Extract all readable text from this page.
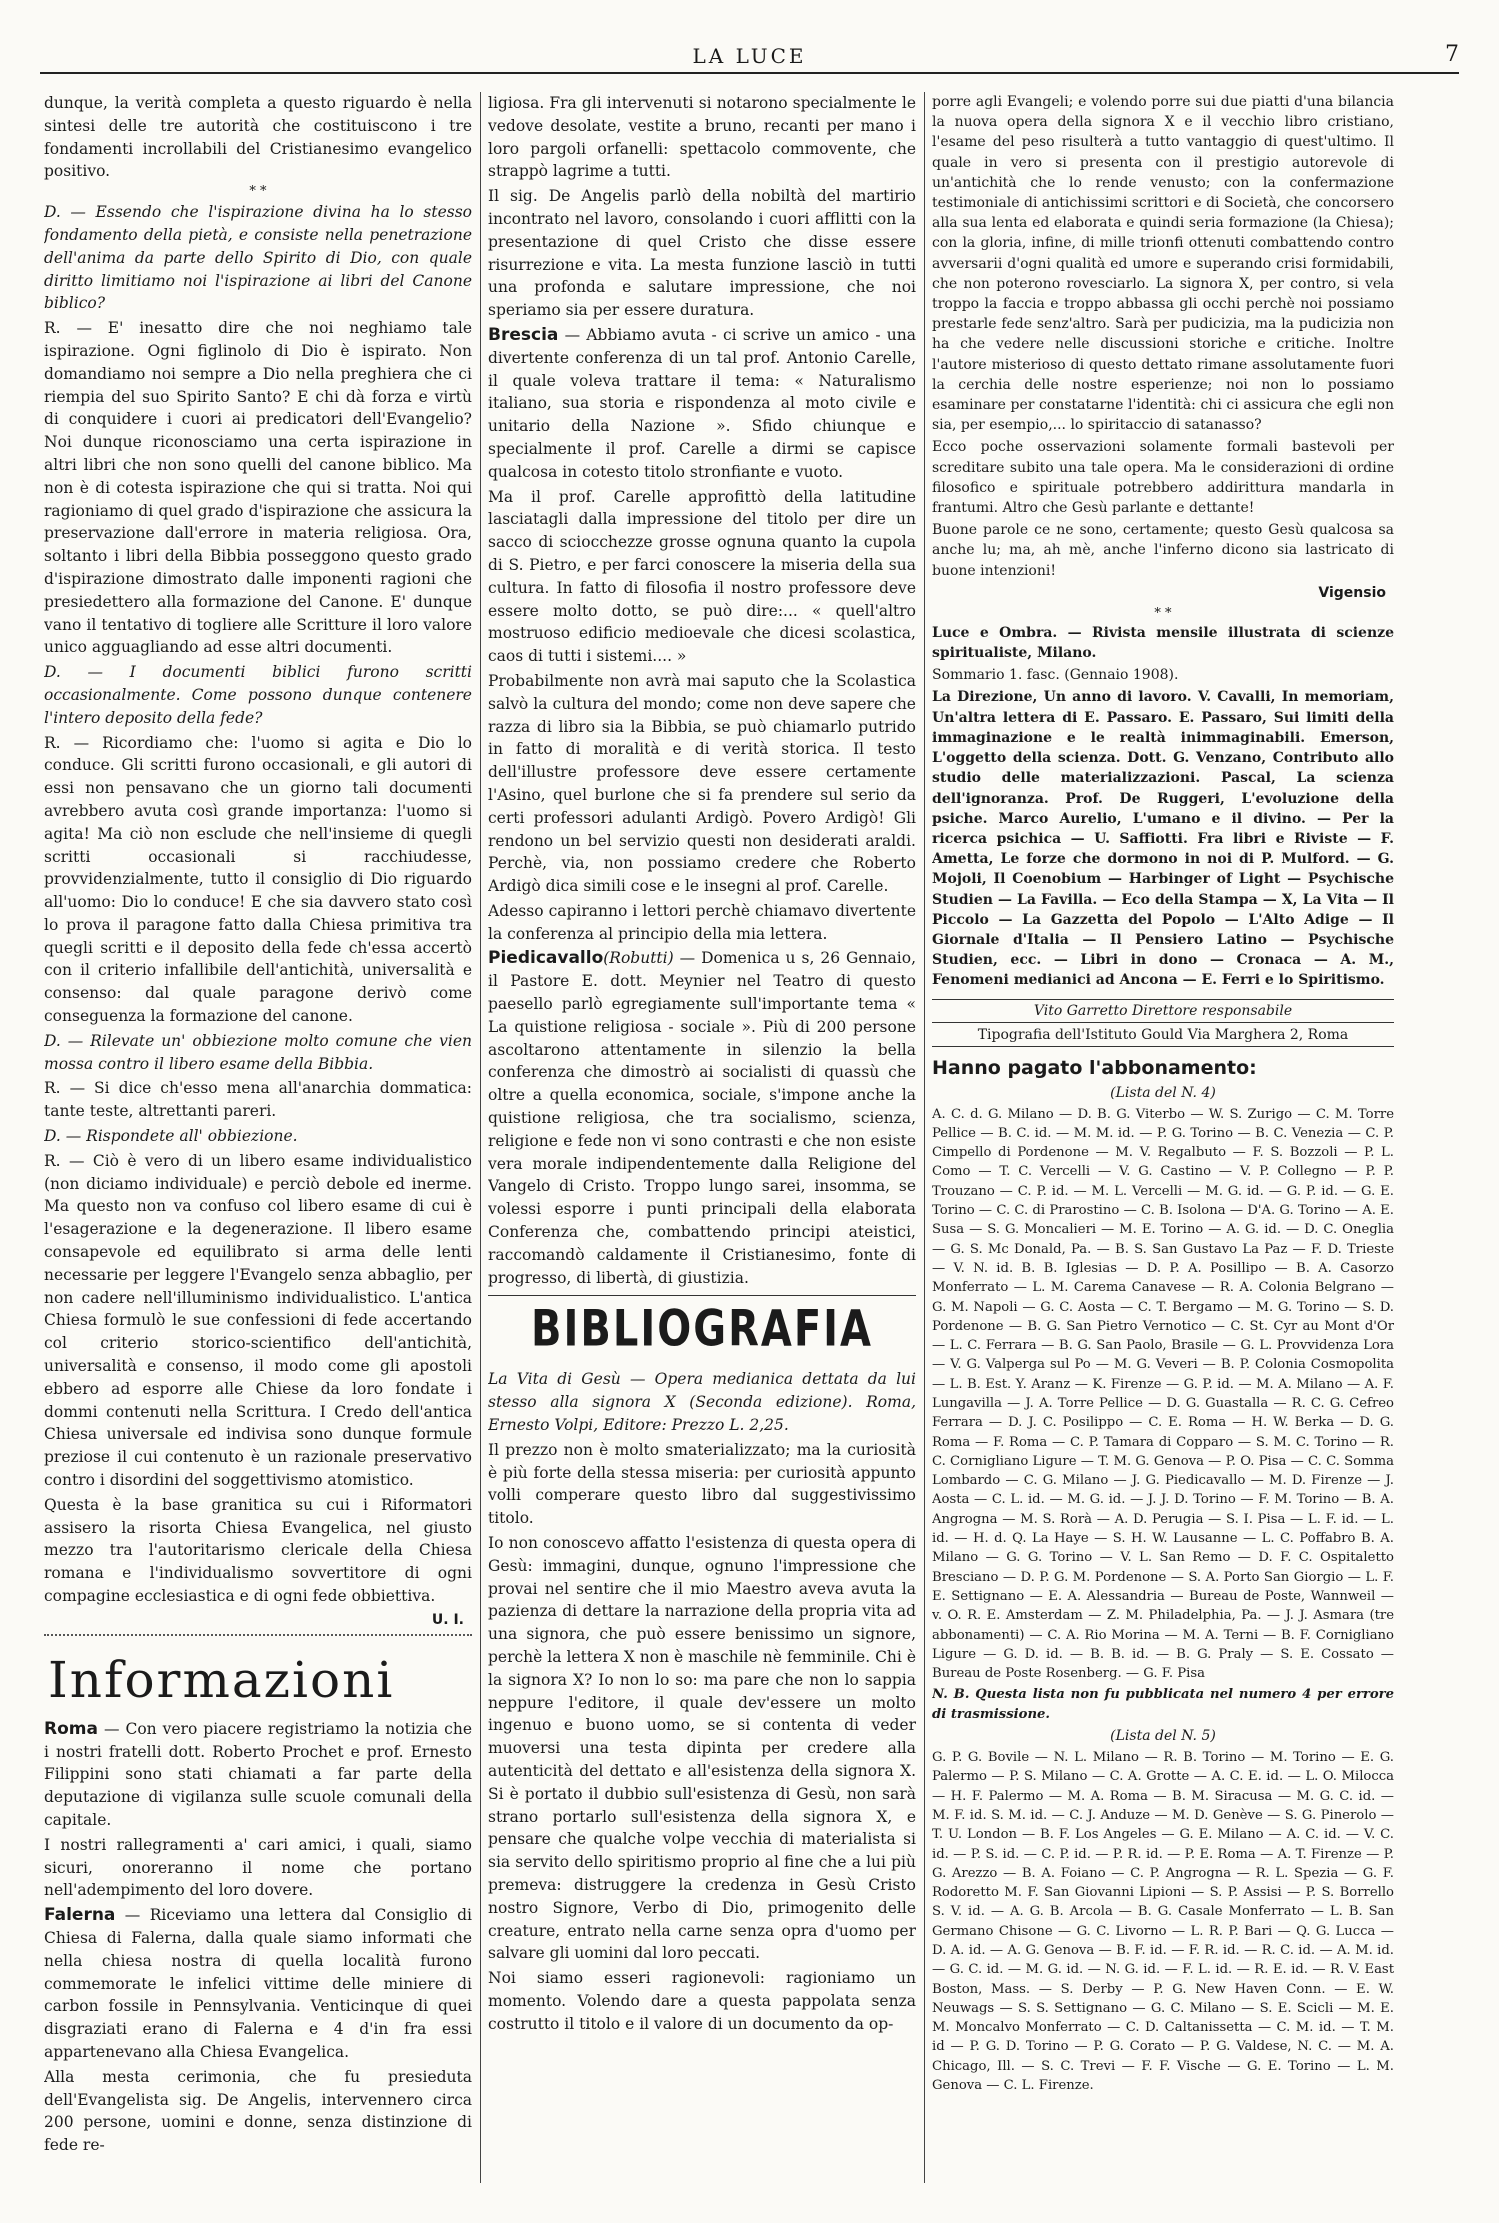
LA LUCE	7

dunque, la verità completa a questo riguardo è nella sintesi delle tre autorità che costituiscono i tre fondamenti incrollabili del Cristianesimo evangelico positivo.

* *

D. — Essendo che l'ispirazione divina ha lo stesso fondamento della pietà, e consiste nella penetrazione dell'anima da parte dello Spirito di Dio, con quale diritto limitiamo noi l'ispirazione ai libri del Canone biblico?

R. — E' inesatto dire che noi neghiamo tale ispirazione. Ogni figlinolo di Dio è ispirato. Non domandiamo noi sempre a Dio nella preghiera che ci riempia del suo Spirito Santo? E chi dà forza e virtù di conquidere i cuori ai predicatori dell'Evangelio? Noi dunque riconosciamo una certa ispirazione in altri libri che non sono quelli del canone biblico. Ma non è di cotesta ispirazione che qui si tratta. Noi qui ragioniamo di quel grado d'ispirazione che assicura la preservazione dall'errore in materia religiosa. Ora, soltanto i libri della Bibbia posseggono questo grado d'ispirazione dimostrato dalle imponenti ragioni che presiedettero alla formazione del Canone. E' dunque vano il tentativo di togliere alle Scritture il loro valore unico agguagliando ad esse altri documenti.

D. — I documenti biblici furono scritti occasionalmente. Come possono dunque contenere l'intero deposito della fede?

R. — Ricordiamo che: l'uomo si agita e Dio lo conduce. Gli scritti furono occasionali, e gli autori di essi non pensavano che un giorno tali documenti avrebbero avuta così grande importanza: l'uomo si agita! Ma ciò non esclude che nell'insieme di quegli scritti occasionali si racchiudesse, provvidenzialmente, tutto il consiglio di Dio riguardo all'uomo: Dio lo conduce! E che sia davvero stato così lo prova il paragone fatto dalla Chiesa primitiva tra quegli scritti e il deposito della fede ch'essa accertò con il criterio infallibile dell'antichità, universalità e consenso: dal quale paragone derivò come conseguenza la formazione del canone.

D. — Rilevate un' obbiezione molto comune che vien mossa contro il libero esame della Bibbia.

R. — Si dice ch'esso mena all'anarchia dommatica: tante teste, altrettanti pareri.

D. — Rispondete all' obbiezione.

R. — Ciò è vero di un libero esame individualistico (non diciamo individuale) e perciò debole ed inerme. Ma questo non va confuso col libero esame di cui è l'esagerazione e la degenerazione. Il libero esame consapevole ed equilibrato si arma delle lenti necessarie per leggere l'Evangelo senza abbaglio, per non cadere nell'illuminismo individualistico. L'antica Chiesa formulò le sue confessioni di fede accertando col criterio storico-scientifico dell'antichità, universalità e consenso, il modo come gli apostoli ebbero ad esporre alle Chiese da loro fondate i dommi contenuti nella Scrittura. I Credo dell'antica Chiesa universale ed indivisa sono dunque formule preziose il cui contenuto è un razionale preservativo contro i disordini del soggettivismo atomistico.

Questa è la base granitica su cui i Riformatori assisero la risorta Chiesa Evangelica, nel giusto mezzo tra l'autoritarismo clericale della Chiesa romana e l'individualismo sovvertitore di ogni compagine ecclesiastica e di ogni fede obbiettiva.

U. I.
Informazioni

Roma — Con vero piacere registriamo la notizia che i nostri fratelli dott. Roberto Prochet e prof. Ernesto Filippini sono stati chiamati a far parte della deputazione di vigilanza sulle scuole comunali della capitale.

I nostri rallegramenti a' cari amici, i quali, siamo sicuri, onoreranno il nome che portano nell'adempimento del loro dovere.

Falerna — Riceviamo una lettera dal Consiglio di Chiesa di Falerna, dalla quale siamo informati che nella chiesa nostra di quella località furono commemorate le infelici vittime delle miniere di carbon fossile in Pennsylvania. Venticinque di quei disgraziati erano di Falerna e 4 d'in fra essi appartenevano alla Chiesa Evangelica.

Alla mesta cerimonia, che fu presieduta dell'Evangelista sig. De Angelis, intervennero circa 200 persone, uomini e donne, senza distinzione di fede re-

ligiosa. Fra gli intervenuti si notarono specialmente le vedove desolate, vestite a bruno, recanti per mano i loro pargoli orfanelli: spettacolo commovente, che strappò lagrime a tutti.

Il sig. De Angelis parlò della nobiltà del martirio incontrato nel lavoro, consolando i cuori afflitti con la presentazione di quel Cristo che disse essere risurrezione e vita. La mesta funzione lasciò in tutti una profonda e salutare impressione, che noi speriamo sia per essere duratura.

Brescia — Abbiamo avuta - ci scrive un amico - una divertente conferenza di un tal prof. Antonio Carelle, il quale voleva trattare il tema: « Naturalismo italiano, sua storia e rispondenza al moto civile e unitario della Nazione ». Sfido chiunque e specialmente il prof. Carelle a dirmi se capisce qualcosa in cotesto titolo stronfiante e vuoto.

Ma il prof. Carelle approfittò della latitudine lasciatagli dalla impressione del titolo per dire un sacco di sciocchezze grosse ognuna quanto la cupola di S. Pietro, e per farci conoscere la miseria della sua cultura. In fatto di filosofia il nostro professore deve essere molto dotto, se può dire:... « quell'altro mostruoso edificio medioevale che dicesi scolastica, caos di tutti i sistemi.... »

Probabilmente non avrà mai saputo che la Scolastica salvò la cultura del mondo; come non deve sapere che razza di libro sia la Bibbia, se può chiamarlo putrido in fatto di moralità e di verità storica. Il testo dell'illustre professore deve essere certamente l'Asino, quel burlone che si fa prendere sul serio da certi professori adulanti Ardigò. Povero Ardigò! Gli rendono un bel servizio questi non desiderati araldi. Perchè, via, non possiamo credere che Roberto Ardigò dica simili cose e le insegni al prof. Carelle.

Adesso capiranno i lettori perchè chiamavo divertente la conferenza al principio della mia lettera.

Piedicavallo(Robutti) — Domenica u s, 26 Gennaio, il Pastore E. dott. Meynier nel Teatro di questo paesello parlò egregiamente sull'importante tema « La quistione religiosa - sociale ». Più di 200 persone ascoltarono attentamente in silenzio la bella conferenza che dimostrò ai socialisti di quassù che oltre a quella economica, sociale, s'impone anche la quistione religiosa, che tra socialismo, scienza, religione e fede non vi sono contrasti e che non esiste vera morale indipendentemente dalla Religione del Vangelo di Cristo. Troppo lungo sarei, insomma, se volessi esporre i punti principali della elaborata Conferenza che, combattendo principi ateistici, raccomandò caldamente il Cristianesimo, fonte di progresso, di libertà, di giustizia.

BIBLIOGRAFIA

La Vita di Gesù — Opera medianica dettata da lui stesso alla signora X (Seconda edizione). Roma, Ernesto Volpi, Editore: Prezzo L. 2,25.

Il prezzo non è molto smaterializzato; ma la curiosità è più forte della stessa miseria: per curiosità appunto volli comperare questo libro dal suggestivissimo titolo.

Io non conoscevo affatto l'esistenza di questa opera di Gesù: immagini, dunque, ognuno l'impressione che provai nel sentire che il mio Maestro aveva avuta la pazienza di dettare la narrazione della propria vita ad una signora, che può essere benissimo un signore, perchè la lettera X non è maschile nè femminile. Chi è la signora X? Io non lo so: ma pare che non lo sappia neppure l'editore, il quale dev'essere un molto ingenuo e buono uomo, se si contenta di veder muoversi una testa dipinta per credere alla autenticità del dettato e all'esistenza della signora X. Si è portato il dubbio sull'esistenza di Gesù, non sarà strano portarlo sull'esistenza della signora X, e pensare che qualche volpe vecchia di materialista si sia servito dello spiritismo proprio al fine che a lui più premeva: distruggere la credenza in Gesù Cristo nostro Signore, Verbo di Dio, primogenito delle creature, entrato nella carne senza opra d'uomo per salvare gli uomini dal loro peccati.

Noi siamo esseri ragionevoli: ragioniamo un momento. Volendo dare a questa pappolata senza costrutto il titolo e il valore di un documento da op-

porre agli Evangeli; e volendo porre sui due piatti d'una bilancia la nuova opera della signora X e il vecchio libro cristiano, l'esame del peso risulterà a tutto vantaggio di quest'ultimo. Il quale in vero si presenta con il prestigio autorevole di un'antichità che lo rende venusto; con la confermazione testimoniale di antichissimi scrittori e di Società, che concorsero alla sua lenta ed elaborata e quindi seria formazione (la Chiesa); con la gloria, infine, di mille trionfi ottenuti combattendo contro avversarii d'ogni qualità ed umore e superando crisi formidabili, che non poterono rovesciarlo. La signora X, per contro, si vela troppo la faccia e troppo abbassa gli occhi perchè noi possiamo prestarle fede senz'altro. Sarà per pudicizia, ma la pudicizia non ha che vedere nelle discussioni storiche e critiche. Inoltre l'autore misterioso di questo dettato rimane assolutamente fuori la cerchia delle nostre esperienze; noi non lo possiamo esaminare per constatarne l'identità: chi ci assicura che egli non sia, per esempio,... lo spiritaccio di satanasso?

Ecco poche osservazioni solamente formali bastevoli per screditare subito una tale opera. Ma le considerazioni di ordine filosofico e spirituale potrebbero addirittura mandarla in frantumi. Altro che Gesù parlante e dettante!

Buone parole ce ne sono, certamente; questo Gesù qualcosa sa anche lu; ma, ah mè, anche l'inferno dicono sia lastricato di buone intenzioni!

Vigensio
* *

Luce e Ombra. — Rivista mensile illustrata di scienze spiritualiste, Milano.

Sommario 1. fasc. (Gennaio 1908).

La Direzione, Un anno di lavoro. V. Cavalli, In memoriam, Un'altra lettera di E. Passaro. E. Passaro, Sui limiti della immaginazione e le realtà inimmaginabili. Emerson, L'oggetto della scienza. Dott. G. Venzano, Contributo allo studio delle materializzazioni. Pascal, La scienza dell'ignoranza. Prof. De Ruggeri, L'evoluzione della psiche. Marco Aurelio, L'umano e il divino. — Per la ricerca psichica — U. Saffiotti. Fra libri e Riviste — F. Ametta, Le forze che dormono in noi di P. Mulford. — G. Mojoli, Il Coenobium — Harbinger of Light — Psychische Studien — La Favilla. — Eco della Stampa — X, La Vita — Il Piccolo — La Gazzetta del Popolo — L'Alto Adige — Il Giornale d'Italia — Il Pensiero Latino — Psychische Studien, ecc. — Libri in dono — Cronaca — A. M., Fenomeni medianici ad Ancona — E. Ferri e lo Spiritismo.

Vito Garretto Direttore responsabile
Tipografia dell'Istituto Gould Via Marghera 2, Roma
Hanno pagato l'abbonamento:
(Lista del N. 4)

A. C. d. G. Milano — D. B. G. Viterbo — W. S. Zurigo — C. M. Torre Pellice — B. C. id. — M. M. id. — P. G. Torino — B. C. Venezia — C. P. Cimpello di Pordenone — M. V. Regalbuto — F. S. Bozzoli — P. L. Como — T. C. Vercelli — V. G. Castino — V. P. Collegno — P. P. Trouzano — C. P. id. — M. L. Vercelli — M. G. id. — G. P. id. — G. E. Torino — C. C. di Prarostino — C. B. Isolona — D'A. G. Torino — A. E. Susa — S. G. Moncalieri — M. E. Torino — A. G. id. — D. C. Oneglia — G. S. Mc Donald, Pa. — B. S. San Gustavo La Paz — F. D. Trieste — V. N. id. B. B. Iglesias — D. P. A. Posillipo — B. A. Casorzo Monferrato — L. M. Carema Canavese — R. A. Colonia Belgrano — G. M. Napoli — G. C. Aosta — C. T. Bergamo — M. G. Torino — S. D. Pordenone — B. G. San Pietro Vernotico — C. St. Cyr au Mont d'Or — L. C. Ferrara — B. G. San Paolo, Brasile — G. L. Provvidenza Lora — V. G. Valperga sul Po — M. G. Veveri — B. P. Colonia Cosmopolita — L. B. Est. Y. Aranz — K. Firenze — G. P. id. — M. A. Milano — A. F. Lungavilla — J. A. Torre Pellice — D. G. Guastalla — R. C. G. Cefreo Ferrara — D. J. C. Posilippo — C. E. Roma — H. W. Berka — D. G. Roma — F. Roma — C. P. Tamara di Copparo — S. M. C. Torino — R. C. Cornigliano Ligure — T. M. G. Genova — P. O. Pisa — C. C. Somma Lombardo — C. G. Milano — J. G. Piedicavallo — M. D. Firenze — J. Aosta — C. L. id. — M. G. id. — J. J. D. Torino — F. M. Torino — B. A. Angrogna — M. S. Rorà — A. D. Perugia — S. I. Pisa — L. F. id. — L. id. — H. d. Q. La Haye — S. H. W. Lausanne — L. C. Poffabro B. A. Milano — G. G. Torino — V. L. San Remo — D. F. C. Ospitaletto Bresciano — D. P. G. M. Pordenone — S. A. Porto San Giorgio — L. F. E. Settignano — E. A. Alessandria — Bureau de Poste, Wannweil — v. O. R. E. Amsterdam — Z. M. Philadelphia, Pa. — J. J. Asmara (tre abbonamenti) — C. A. Rio Morina — M. A. Terni — B. F. Cornigliano Ligure — G. D. id. — B. B. id. — B. G. Praly — S. E. Cossato — Bureau de Poste Rosenberg. — G. F. Pisa

N. B. Questa lista non fu pubblicata nel numero 4 per errore di trasmissione.

(Lista del N. 5)

G. P. G. Bovile — N. L. Milano — R. B. Torino — M. Torino — E. G. Palermo — P. S. Milano — C. A. Grotte — A. C. E. id. — L. O. Milocca — H. F. Palermo — M. A. Roma — B. M. Siracusa — M. G. C. id. — M. F. id. S. M. id. — C. J. Anduze — M. D. Genève — S. G. Pinerolo — T. U. London — B. F. Los Angeles — G. E. Milano — A. C. id. — V. C. id. — P. S. id. — C. P. id. — P. R. id. — P. E. Roma — A. T. Firenze — P. G. Arezzo — B. A. Foiano — C. P. Angrogna — R. L. Spezia — G. F. Rodoretto M. F. San Giovanni Lipioni — S. P. Assisi — P. S. Borrello S. V. id. — A. G. B. Arcola — B. G. Casale Monferrato — L. B. San Germano Chisone — G. C. Livorno — L. R. P. Bari — Q. G. Lucca — D. A. id. — A. G. Genova — B. F. id. — F. R. id. — R. C. id. — A. M. id. — G. C. id. — M. G. id. — N. G. id. — F. L. id. — R. E. id. — R. V. East Boston, Mass. — S. Derby — P. G. New Haven Conn. — E. W. Neuwags — S. S. Settignano — G. C. Milano — S. E. Scicli — M. E. M. Moncalvo Monferrato — C. D. Caltanissetta — C. M. id. — T. M. id — P. G. D. Torino — P. G. Corato — P. G. Valdese, N. C. — M. A. Chicago, Ill. — S. C. Trevi — F. F. Vische — G. E. Torino — L. M. Genova — C. L. Firenze.
